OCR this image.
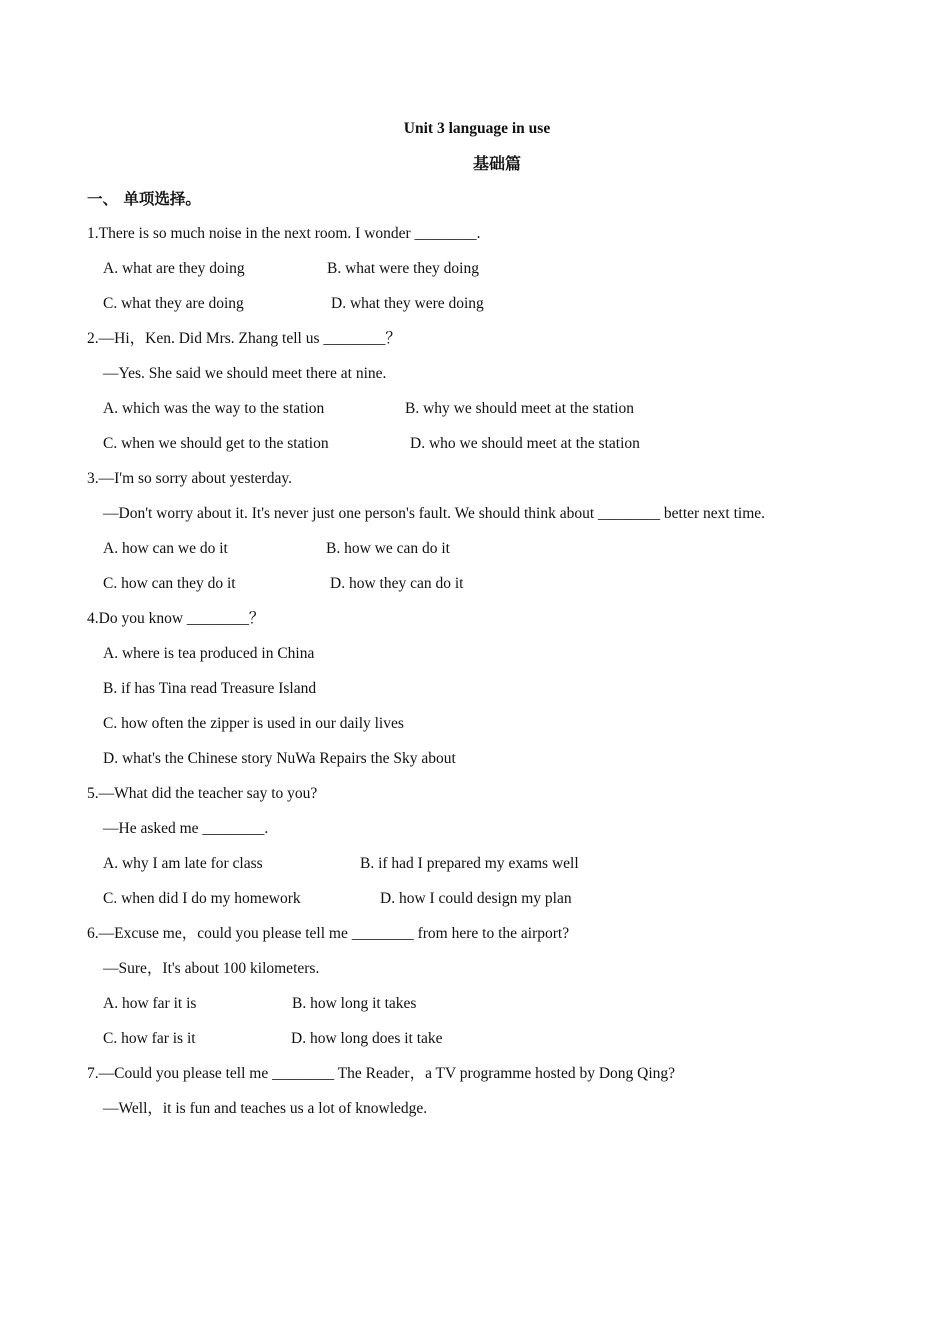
Unit 3 language in use
基础篇
一、 单项选择。
1.There is so much noise in the next room. I wonder ________.
A. what are they doing	B. what were they doing
C. what they are doing	D. what they were doing
2.—Hi，Ken. Did Mrs. Zhang tell us ________？
—Yes. She said we should meet there at nine.
A. which was the way to the station	B. why we should meet at the station
C. when we should get to the station	D. who we should meet at the station
3.—I'm so sorry about yesterday.
—Don't worry about it. It's never just one person's fault. We should think about ________ better next time.
A. how can we do it	B. how we can do it
C. how can they do it	D. how they can do it
4.Do you know ________？
A. where is tea produced in China
B. if has Tina read Treasure Island
C. how often the zipper is used in our daily lives
D. what's the Chinese story NuWa Repairs the Sky about
5.—What did the teacher say to you?
—He asked me ________.
A. why I am late for class	B. if had I prepared my exams well
C. when did I do my homework	D. how I could design my plan
6.—Excuse me，could you please tell me ________ from here to the airport?
—Sure，It's about 100 kilometers.
A. how far it is	B. how long it takes
C. how far is it	D. how long does it take
7.—Could you please tell me ________ The Reader，a TV programme hosted by Dong Qing?
—Well，it is fun and teaches us a lot of knowledge.
